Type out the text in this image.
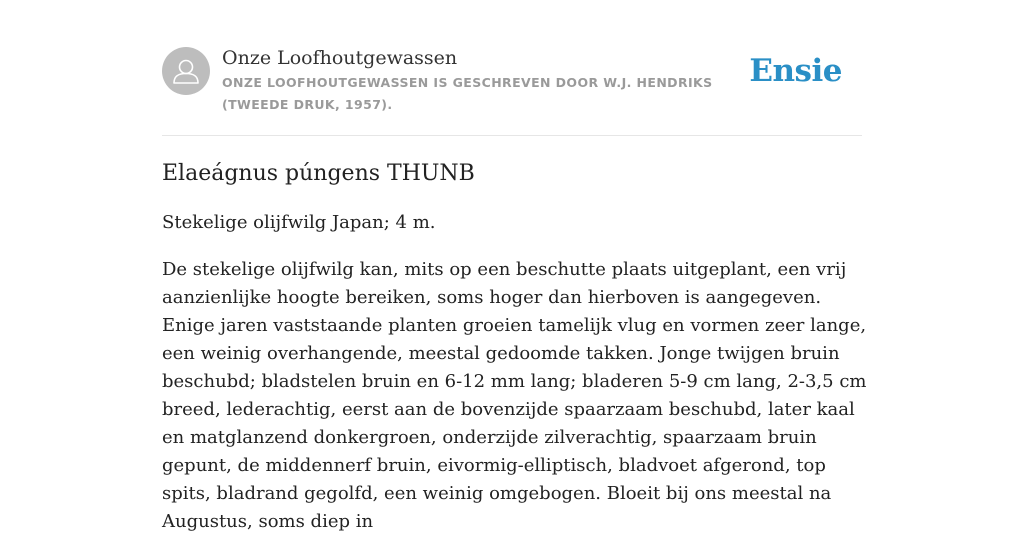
Onze Loofhoutgewassen
ONZE LOOFHOUTGEWASSEN IS GESCHREVEN DOOR W.J. HENDRIKS (TWEEDE DRUK, 1957).
Ensie
Elaeágnus púngens THUNB

Stekelige olijfwilg Japan; 4 m.

De stekelige olijfwilg kan, mits op een beschutte plaats uitgeplant, een vrij aanzienlijke hoogte bereiken, soms hoger dan hierboven is aangegeven. Enige jaren vaststaande planten groeien tamelijk vlug en vormen zeer lange, een weinig overhangende, meestal gedoomde takken. Jonge twijgen bruin beschubd; bladstelen bruin en 6-12 mm lang; bladeren 5-9 cm lang, 2-3,5 cm breed, lederachtig, eerst aan de bovenzijde spaarzaam beschubd, later kaal en matglanzend donkergroen, onderzijde zilverachtig, spaarzaam bruin gepunt, de middennerf bruin, eivormig-elliptisch, bladvoet afgerond, top spits, bladrand gegolfd, een weinig omgebogen. Bloeit bij ons meestal na Augustus, soms diep in
